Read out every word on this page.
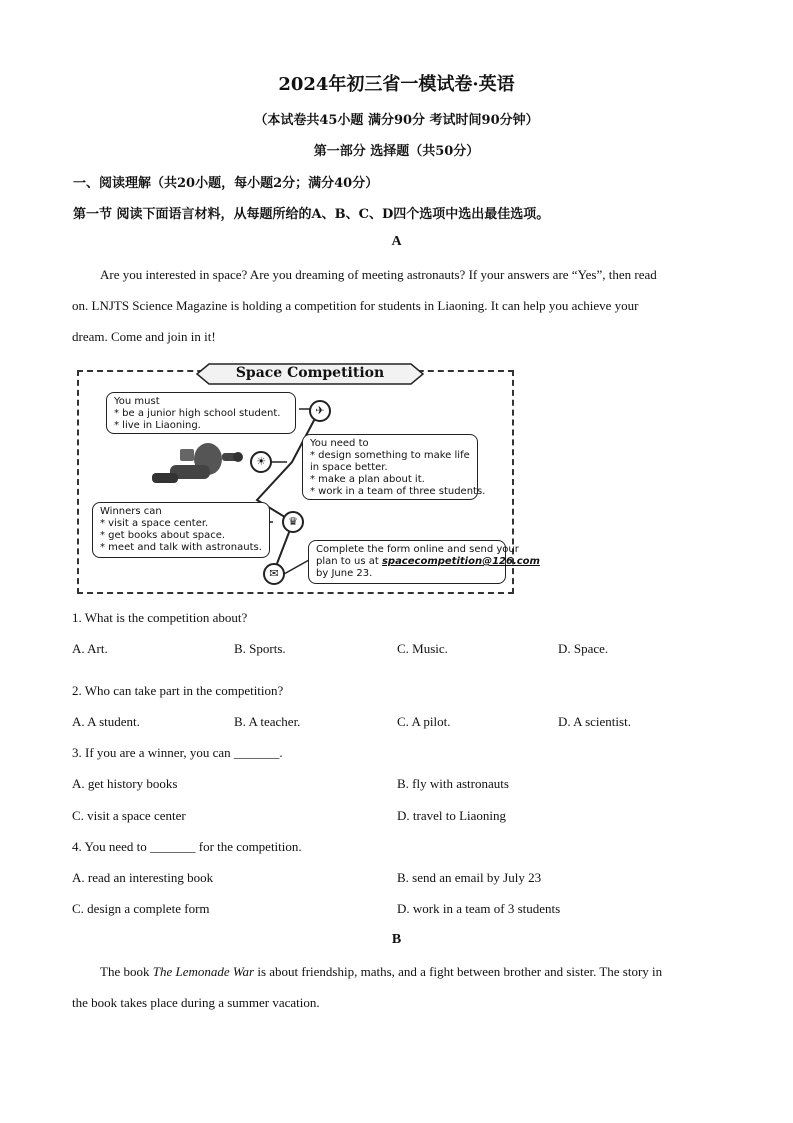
2024年初三省一模试卷·英语
（本试卷共45小题 满分90分 考试时间90分钟）
第一部分 选择题（共50分）
一、阅读理解（共20小题，每小题2分；满分40分）
第一节 阅读下面语言材料，从每题所给的A、B、C、D四个选项中选出最佳选项。
A
Are you interested in space? Are you dreaming of meeting astronauts? If your answers are “Yes”, then read
on. LNJTS Science Magazine is holding a competition for students in Liaoning. It can help you achieve your
dream. Come and join in it!
Space Competition
✈
☀
♛
✉
You must
* be a junior high school student.
* live in Liaoning.
You need to
* design something to make life
in space better.
* make a plan about it.
* work in a team of three students.
Winners can
* visit a space center.
* get books about space.
* meet and talk with astronauts.	Complete the form online and send your
plan to us at spacecompetition@126.com
by June 23.
1. What is the competition about?
A. Art.	B. Sports.	C. Music.	D. Space.
2. Who can take part in the competition?
A. A student.	B. A teacher.	C. A pilot.	D. A scientist.
3. If you are a winner, you can _______.
A. get history books	B. fly with astronauts
C. visit a space center	D. travel to Liaoning
4. You need to _______ for the competition.
A. read an interesting book	B. send an email by July 23
C. design a complete form	D. work in a team of 3 students
B
The book The Lemonade War is about friendship, maths, and a fight between brother and sister. The story in
the book takes place during a summer vacation.
